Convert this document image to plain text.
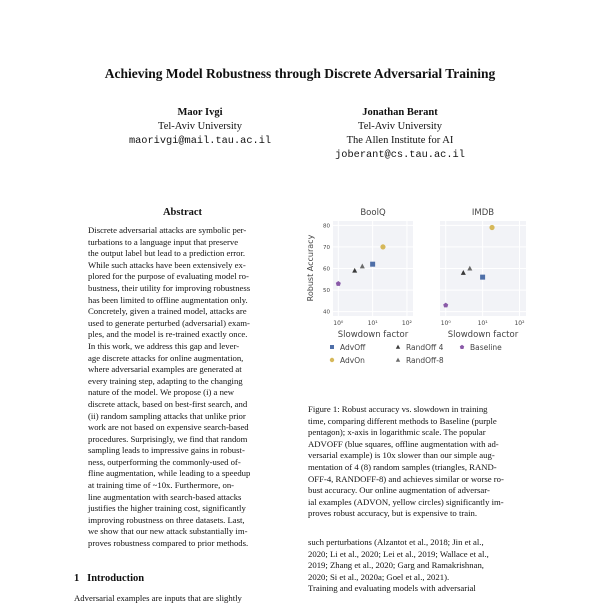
Achieving Model Robustness through Discrete Adversarial Training
Maor Ivgi
Tel-Aviv University
maorivgi@mail.tau.ac.il
Jonathan Berant
Tel-Aviv University
The Allen Institute for AI
joberant@cs.tau.ac.il
Abstract
Discrete adversarial attacks are symbolic per-
turbations to a language input that preserve
the output label but lead to a prediction error.
While such attacks have been extensively ex-
plored for the purpose of evaluating model ro-
bustness, their utility for improving robustness
has been limited to offline augmentation only.
Concretely, given a trained model, attacks are
used to generate perturbed (adversarial) exam-
ples, and the model is re-trained exactly once.
In this work, we address this gap and lever-
age discrete attacks for online augmentation,
where adversarial examples are generated at
every training step, adapting to the changing
nature of the model. We propose (i) a new
discrete attack, based on best-first search, and
(ii) random sampling attacks that unlike prior
work are not based on expensive search-based
procedures. Surprisingly, we find that random
sampling leads to impressive gains in robust-
ness, outperforming the commonly-used of-
fline augmentation, while leading to a speedup
at training time of ~10x. Furthermore, on-
line augmentation with search-based attacks
justifies the higher training cost, significantly
improving robustness on three datasets. Last,
we show that our new attack substantially im-
proves robustness compared to prior methods.
1 Introduction
Adversarial examples are inputs that are slightly
Robust Accuracy
BoolQ
40
50
60
70
80
10⁰	10¹	10²
Slowdown factor
IMDB
10⁰	10¹	10²
Slowdown factor
AdvOff	RandOff 4	Baseline
AdvOn	RandOff-8
Figure 1: Robust accuracy vs. slowdown in training
time, comparing different methods to Baseline (purple
pentagon); x-axis in logarithmic scale. The popular
ADVOFF (blue squares, offline augmentation with ad-
versarial example) is 10x slower than our simple aug-
mentation of 4 (8) random samples (triangles, RAND-
OFF-4, RANDOFF-8) and achieves similar or worse ro-
bust accuracy. Our online augmentation of adversar-
ial examples (ADVON, yellow circles) significantly im-
proves robust accuracy, but is expensive to train.
such perturbations (Alzantot et al., 2018; Jin et al.,
2020; Li et al., 2020; Lei et al., 2019; Wallace et al.,
2019; Zhang et al., 2020; Garg and Ramakrishnan,
2020; Si et al., 2020a; Goel et al., 2021).
Training and evaluating models with adversarial
